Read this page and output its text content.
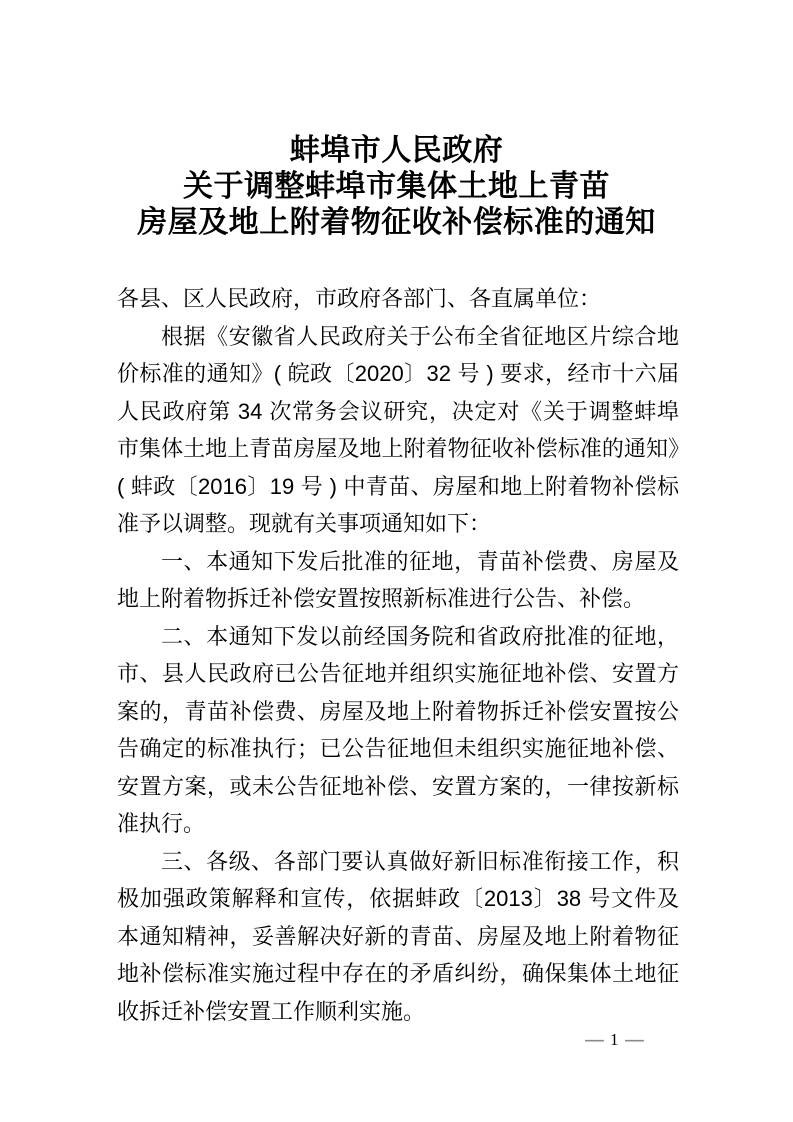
蚌埠市人民政府
关于调整蚌埠市集体土地上青苗
房屋及地上附着物征收补偿标准的通知

各县、区人民政府，市政府各部门、各直属单位：

根据《安徽省人民政府关于公布全省征地区片综合地价标准的通知》( 皖政〔2020〕32 号 ) 要求，经市十六届人民政府第 34 次常务会议研究，决定对《关于调整蚌埠市集体土地上青苗房屋及地上附着物征收补偿标准的通知》( 蚌政〔2016〕19 号 ) 中青苗、房屋和地上附着物补偿标准予以调整。现就有关事项通知如下：

一、本通知下发后批准的征地，青苗补偿费、房屋及地上附着物拆迁补偿安置按照新标准进行公告、补偿。

二、本通知下发以前经国务院和省政府批准的征地，市、县人民政府已公告征地并组织实施征地补偿、安置方案的，青苗补偿费、房屋及地上附着物拆迁补偿安置按公告确定的标准执行；已公告征地但未组织实施征地补偿、安置方案，或未公告征地补偿、安置方案的，一律按新标准执行。

三、各级、各部门要认真做好新旧标准衔接工作，积极加强政策解释和宣传，依据蚌政〔2013〕38 号文件及本通知精神，妥善解决好新的青苗、房屋及地上附着物征地补偿标准实施过程中存在的矛盾纠纷，确保集体土地征收拆迁补偿安置工作顺利实施。

— 1 —
